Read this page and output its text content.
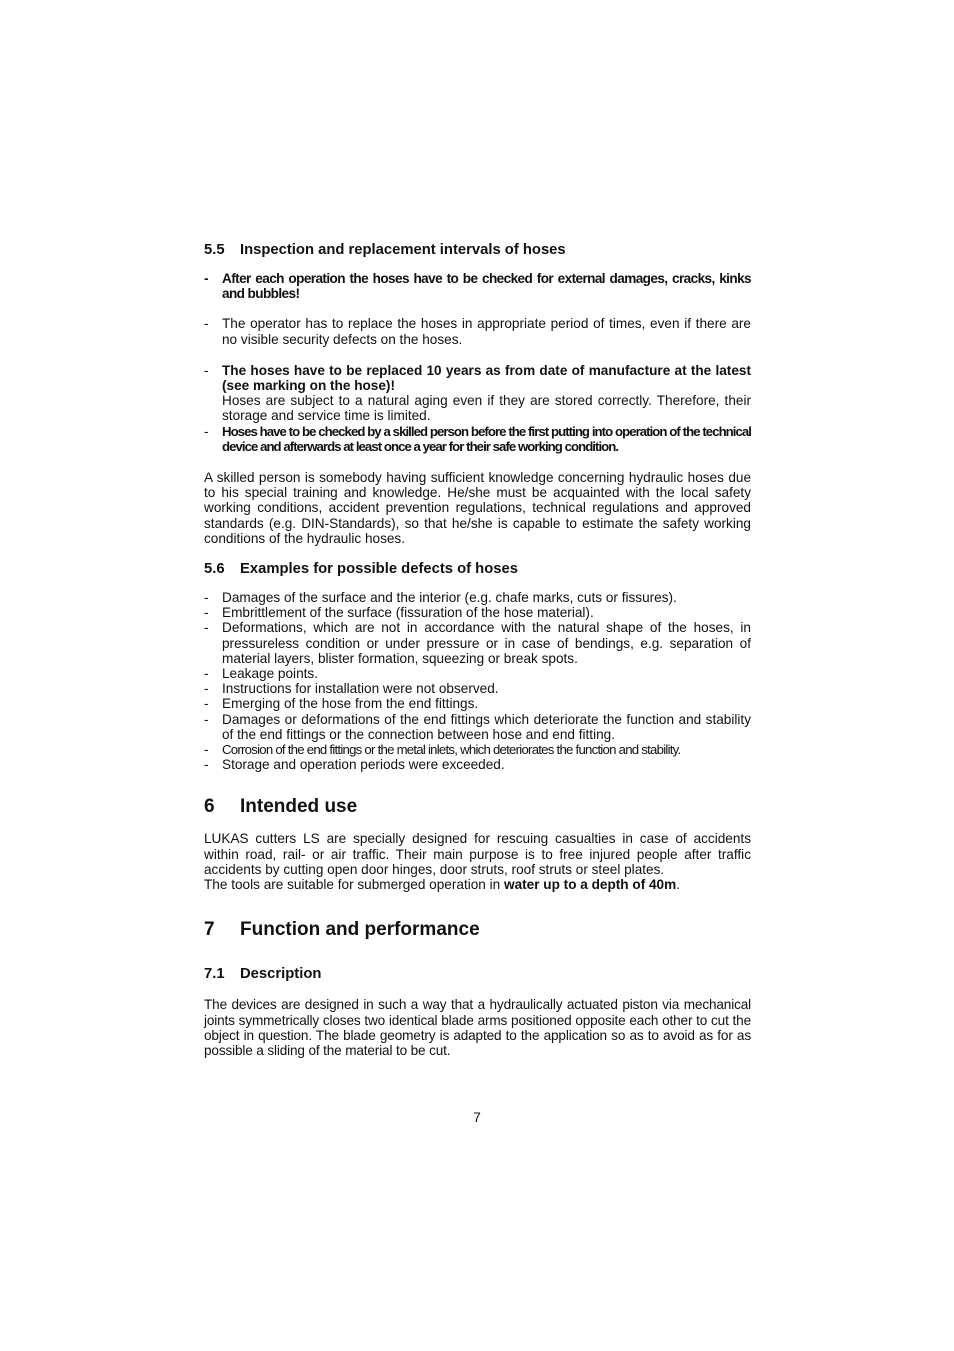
5.5	Inspection and replacement intervals of hoses
- After each operation the hoses have to be checked for external damages, cracks, kinks and bubbles!
- The operator has to replace the hoses in appropriate period of times, even if there are no visible security defects on the hoses.
- The hoses have to be replaced 10 years as from date of manufacture at the latest (see marking on the hose)!
Hoses are subject to a natural aging even if they are stored correctly. Therefore, their storage and service time is limited.
-	Hoses have to be checked by a skilled person before the first putting into operation of the technical device and afterwards at least once a year for their safe working condition.

A skilled person is somebody having sufficient knowledge concerning hydraulic hoses due to his special training and knowledge. He/she must be acquainted with the local safety working conditions, accident prevention regulations, technical regulations and approved standards (e.g. DIN-Standards), so that he/she is capable to estimate the safety working conditions of the hydraulic hoses.

5.6	Examples for possible defects of hoses
- Damages of the surface and the interior (e.g. chafe marks, cuts or fissures).
- Embrittlement of the surface (fissuration of the hose material).
- Deformations, which are not in accordance with the natural shape of the hoses, in pressureless condition or under pressure or in case of bendings, e.g. separation of material layers, blister formation, squeezing or break spots.
- Leakage points.
- Instructions for installation were not observed.
- Emerging of the hose from the end fittings.
- Damages or deformations of the end fittings which deteriorate the function and stability of the end fittings or the connection between hose and end fitting.
-	Corrosion of the end fittings or the metal inlets, which deteriorates the function and stability.
- Storage and operation periods were exceeded.
6	Intended use

LUKAS cutters LS are specially designed for rescuing casualties in case of accidents within road, rail- or air traffic. Their main purpose is to free injured people after traffic accidents by cutting open door hinges, door struts, roof struts or steel plates.

The tools are suitable for submerged operation in water up to a depth of 40m.

7	Function and performance
7.1	Description

The devices are designed in such a way that a hydraulically actuated piston via mechanical joints symmetrically closes two identical blade arms positioned opposite each other to cut the object in question. The blade geometry is adapted to the application so as to avoid as for as possible a sliding of the material to be cut.

7
